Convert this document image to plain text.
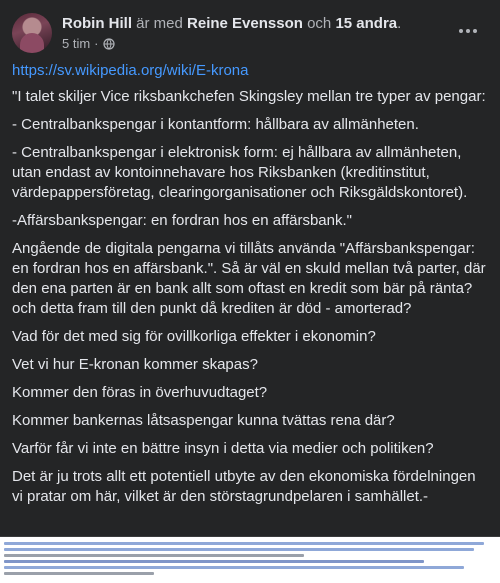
Robin Hill är med Reine Evensson och 15 andra.
5 tim ·

https://sv.wikipedia.org/wiki/E-krona

"I talet skiljer Vice riksbankchefen Skingsley mellan tre typer av pengar:

- Centralbankspengar i kontantform: hållbara av allmänheten.

- Centralbankspengar i elektronisk form: ej hållbara av allmänheten, utan endast av kontoinnehavare hos Riksbanken (kreditinstitut, värdepappersföretag, clearingorganisationer och Riksgäldskontoret).

-Affärsbankspengar: en fordran hos en affärsbank."

Angående de digitala pengarna vi tillåts använda "Affärsbankspengar: en fordran hos en affärsbank.". Så är väl en skuld mellan två parter, där den ena parten är en bank allt som oftast en kredit som bär på ränta? och detta fram till den punkt då krediten är död - amorterad?

Vad för det med sig för ovillkorliga effekter i ekonomin?

Vet vi hur E-kronan kommer skapas?

Kommer den föras in överhuvudtaget?

Kommer bankernas låtsaspengar kunna tvättas rena där?

Varför får vi inte en bättre insyn i detta via medier och politiken?

Det är ju trots allt ett potentiell utbyte av den ekonomiska fördelningen vi pratar om här, vilket är den störstagrundpelaren i samhället.-
